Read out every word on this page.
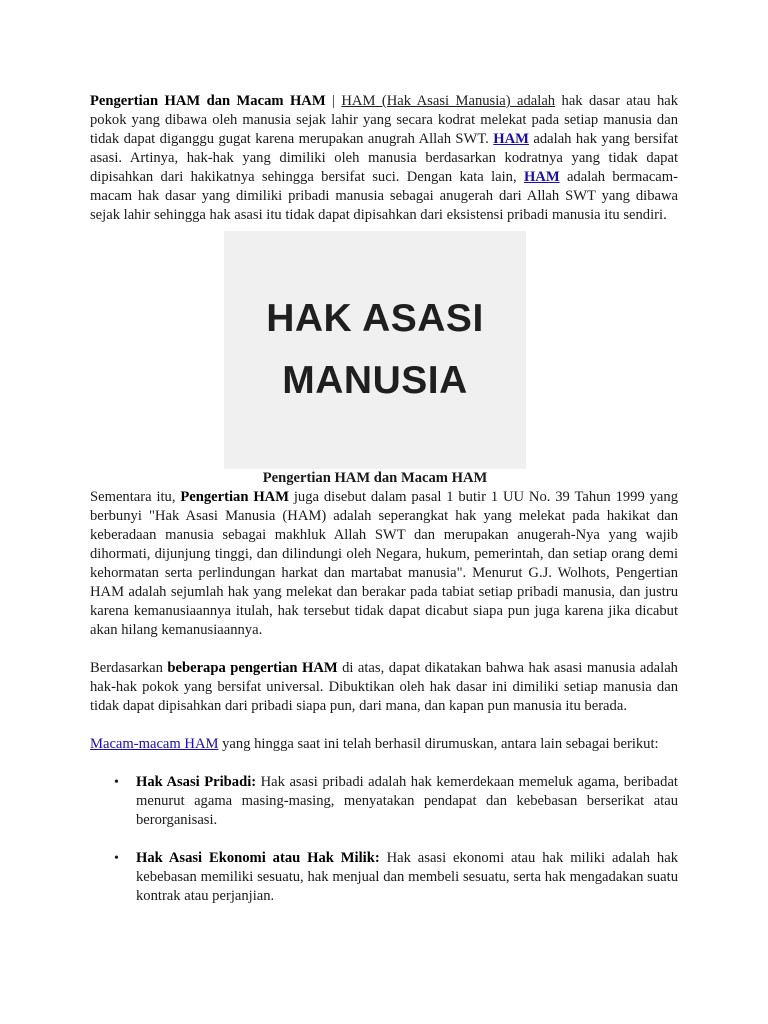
Pengertian HAM dan Macam HAM | HAM (Hak Asasi Manusia) adalah hak dasar atau hak pokok yang dibawa oleh manusia sejak lahir yang secara kodrat melekat pada setiap manusia dan tidak dapat diganggu gugat karena merupakan anugrah Allah SWT. HAM adalah hak yang bersifat asasi. Artinya, hak-hak yang dimiliki oleh manusia berdasarkan kodratnya yang tidak dapat dipisahkan dari hakikatnya sehingga bersifat suci. Dengan kata lain, HAM adalah bermacam-macam hak dasar yang dimiliki pribadi manusia sebagai anugerah dari Allah SWT yang dibawa sejak lahir sehingga hak asasi itu tidak dapat dipisahkan dari eksistensi pribadi manusia itu sendiri.

HAK ASASI
MANUSIA
Pengertian HAM dan Macam HAM

Sementara itu, Pengertian HAM juga disebut dalam pasal 1 butir 1 UU No. 39 Tahun 1999 yang berbunyi "Hak Asasi Manusia (HAM) adalah seperangkat hak yang melekat pada hakikat dan keberadaan manusia sebagai makhluk Allah SWT dan merupakan anugerah-Nya yang wajib dihormati, dijunjung tinggi, dan dilindungi oleh Negara, hukum, pemerintah, dan setiap orang demi kehormatan serta perlindungan harkat dan martabat manusia". Menurut G.J. Wolhots, Pengertian HAM adalah sejumlah hak yang melekat dan berakar pada tabiat setiap pribadi manusia, dan justru karena kemanusiaannya itulah, hak tersebut tidak dapat dicabut siapa pun juga karena jika dicabut akan hilang kemanusiaannya.

Berdasarkan beberapa pengertian HAM di atas, dapat dikatakan bahwa hak asasi manusia adalah hak-hak pokok yang bersifat universal. Dibuktikan oleh hak dasar ini dimiliki setiap manusia dan tidak dapat dipisahkan dari pribadi siapa pun, dari mana, dan kapan pun manusia itu berada.

Macam-macam HAM yang hingga saat ini telah berhasil dirumuskan, antara lain sebagai berikut:

• Hak Asasi Pribadi: Hak asasi pribadi adalah hak kemerdekaan memeluk agama, beribadat menurut agama masing-masing, menyatakan pendapat dan kebebasan berserikat atau berorganisasi.
• Hak Asasi Ekonomi atau Hak Milik: Hak asasi ekonomi atau hak miliki adalah hak kebebasan memiliki sesuatu, hak menjual dan membeli sesuatu, serta hak mengadakan suatu kontrak atau perjanjian.
